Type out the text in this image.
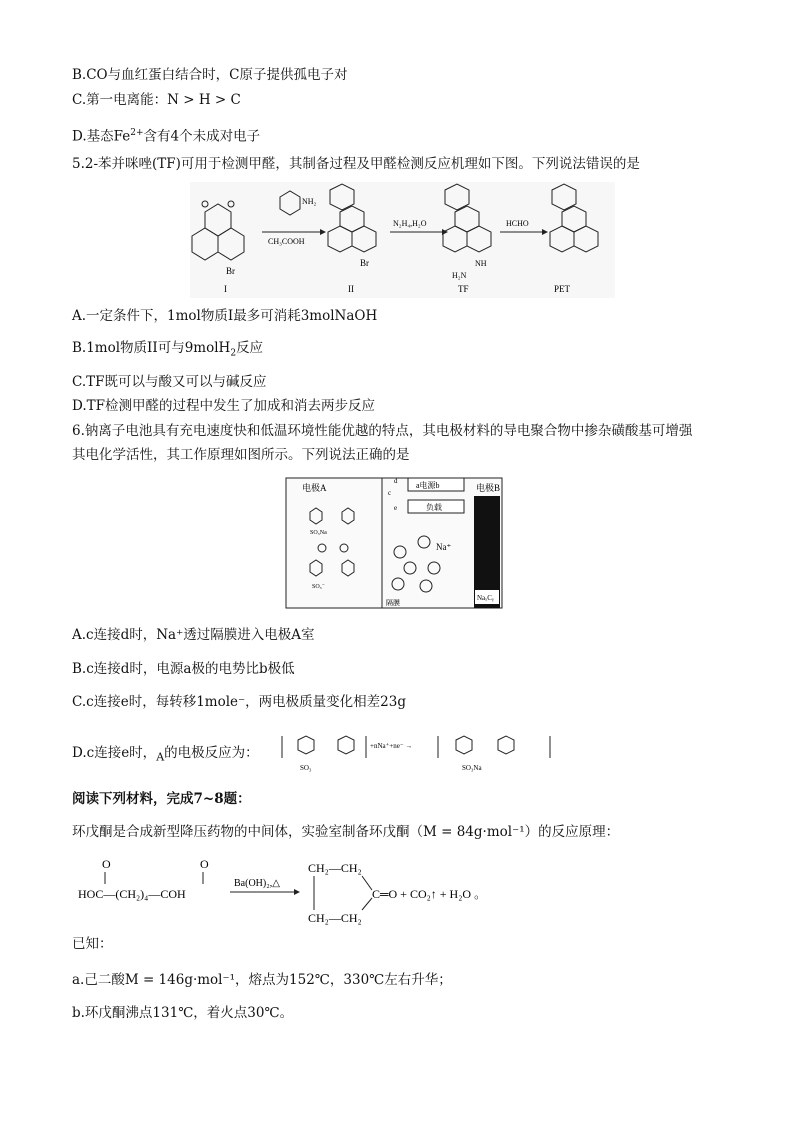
B.CO与血红蛋白结合时，C原子提供孤电子对
C.第一电离能：N > H > C
D.基态$Fe^{2+}$含有4个未成对电子
5.2-苯并咪唑(TF)可用于检测甲醛，其制备过程及甲醛检测反应机理如下图。下列说法错误的是
Br
I
NH₂
CH₃COOH
Br
II
N₂H₄,H₂O
NH
H₂N
TF
HCHO
PET
A.一定条件下，1mol物质I最多可消耗3molNaOH
B.1mol物质II可与9molH$_2$反应
C.TF既可以与酸又可以与碱反应
D.TF检测甲醛的过程中发生了加成和消去两步反应
6.钠离子电池具有充电速度快和低温环境性能优越的特点，其电极材料的导电聚合物中掺杂磺酸基可增强
其电化学活性，其工作原理如图所示。下列说法正确的是
电极A	电极B
a电源b
负载
d
c
e
SO₃Na
SO₃⁻
Na⁺
隔膜
NaₓCᵧ
A.c连接d时，Na⁺透过隔膜进入电极A室
B.c连接d时，电源a极的电势比b极低
C.c连接e时，每转移1mole⁻，两电极质量变化相差23g
D.c连接e时，$_A$的电极反应为：
SO₃
+nNa⁺+ne⁻ →
SO₃Na
阅读下列材料，完成7~8题：
环戊酮是合成新型降压药物的中间体，实验室制备环戊酮（M = 84g·mol⁻¹）的反应原理：
O	O
HOC—(CH₂)₄—COH
Ba(OH)₂,△
CH₂—CH₂
CH₂—CH₂
C═O + CO₂↑ + H₂O 。
已知：
a.己二酸M = 146g·mol⁻¹，熔点为152℃，330℃左右升华；
b.环戊酮沸点131℃，着火点30℃。
